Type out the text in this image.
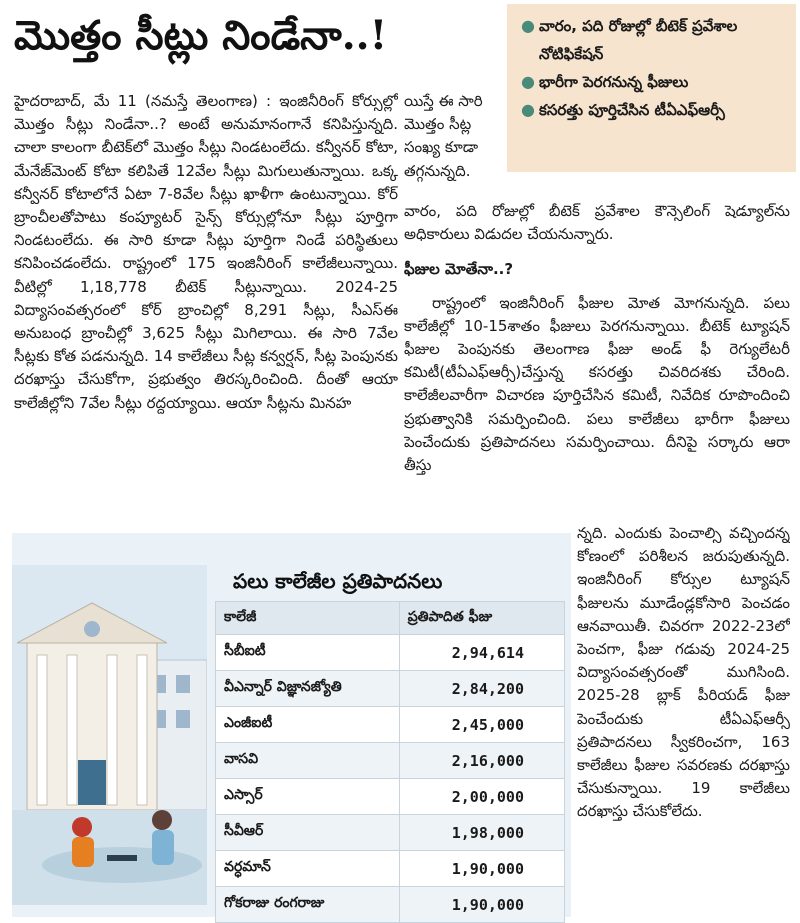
మొత్తం సీట్లు నిండేనా..!	● వారం, పది రోజుల్లో బీటెక్ ప్రవేశాల నోటిఫికేషన్
● భారీగా పెరగనున్న ఫీజులు
● కసరత్తు పూర్తిచేసిన టీఏఎఫ్‌ఆర్సీ

హైదరాబాద్, మే 11 (నమస్తే తెలంగాణ) : ఇంజినీరింగ్ కోర్సుల్లో మొత్తం సీట్లు నిండేనా..? అంటే అనుమానంగానే కనిపిస్తున్నది. చాలా కాలంగా బీటెక్‌లో మొత్తం సీట్లు నిండటంలేదు. కన్వీనర్ కోటా, మేనేజ్‌మెంట్ కోటా కలిపితే 12వేల సీట్లు మిగులుతున్నాయి. ఒక్క కన్వీనర్ కోటాలోనే ఏటా 7-8వేల సీట్లు ఖాళీగా ఉంటున్నాయి. కోర్ బ్రాంచీలతోపాటు కంప్యూటర్ సైన్స్ కోర్సుల్లోనూ సీట్లు పూర్తిగా నిండటంలేదు. ఈ సారి కూడా సీట్లు పూర్తిగా నిండే పరిస్థితులు కనిపించడంలేదు. రాష్ట్రంలో 175 ఇంజినీరింగ్ కాలేజీలున్నాయి. వీటిల్లో 1,18,778 బీటెక్ సీట్లున్నాయి. 2024-25 విద్యాసంవత్సరంలో కోర్ బ్రాంచిల్లో 8,291 సీట్లు, సీఎస్‌ఈ అనుబంధ బ్రాంచీల్లో 3,625 సీట్లు మిగిలాయి. ఈ సారి 7వేల సీట్లకు కోత పడనున్నది. 14 కాలేజీలు సీట్ల కన్వర్షన్, సీట్ల పెంపునకు దరఖాస్తు చేసుకోగా, ప్రభుత్వం తిరస్కరించింది. దీంతో ఆయా కాలేజీల్లోని 7వేల సీట్లు రద్దయ్యాయి. ఆయా సీట్లను మినహ

యిస్తే ఈ సారి మొత్తం సీట్ల సంఖ్య కూడా తగ్గనున్నది.

వారం, పది రోజుల్లో బీటెక్ ప్రవేశాల కౌన్సెలింగ్ షెడ్యూల్‌ను అధికారులు విడుదల చేయనున్నారు.

ఫీజుల మోతేనా..?

రాష్ట్రంలో ఇంజినీరింగ్ ఫీజుల మోత మోగనున్నది. పలు కాలేజీల్లో 10-15శాతం ఫీజులు పెరగనున్నాయి. బీటెక్ ట్యూషన్ ఫీజుల పెంపునకు తెలంగాణ ఫీజు అండ్ ఫీ రెగ్యులేటరీ కమిటీ(టీఏఎఫ్‌ఆర్సీ)చేస్తున్న కసరత్తు చివరిదశకు చేరింది. కాలేజీలవారీగా విచారణ పూర్తిచేసిన కమిటీ, నివేదిక రూపొందించి ప్రభుత్వానికి సమర్పించింది. పలు కాలేజీలు భారీగా ఫీజులు పెంచేందుకు ప్రతిపాదనలు సమర్పించాయి. దీనిపై సర్కారు ఆరా తీస్తు

న్నది. ఎందుకు పెంచాల్సి వచ్చిందన్న కోణంలో పరిశీలన జరుపుతున్నది. ఇంజినీరింగ్ కోర్సుల ట్యూషన్ ఫీజులను మూడేండ్లకోసారి పెంచడం ఆనవాయితీ. చివరగా 2022-23లో పెంచగా, ఫీజు గడువు 2024-25 విద్యాసంవత్సరంతో ముగిసింది. 2025-28 బ్లాక్ పీరియడ్ ఫీజు పెంచేందుకు టీఏఎఫ్‌ఆర్సీ ప్రతిపాదనలు స్వీకరించగా, 163 కాలేజీలు ఫీజుల సవరణకు దరఖాస్తు చేసుకున్నాయి. 19 కాలేజీలు దరఖాస్తు చేసుకోలేదు.

పలు కాలేజీల ప్రతిపాదనలు
కాలేజీ	ప్రతిపాదిత ఫీజు
సీబీఐటీ	2,94,614
వీఎన్నార్ విజ్ఞానజ్యోతి	2,84,200
ఎంజీఐటీ	2,45,000
వాసవి	2,16,000
ఎస్సార్	2,00,000
సీవీఆర్	1,98,000
వర్ధమాన్	1,90,000
గోకరాజు రంగరాజు	1,90,000
